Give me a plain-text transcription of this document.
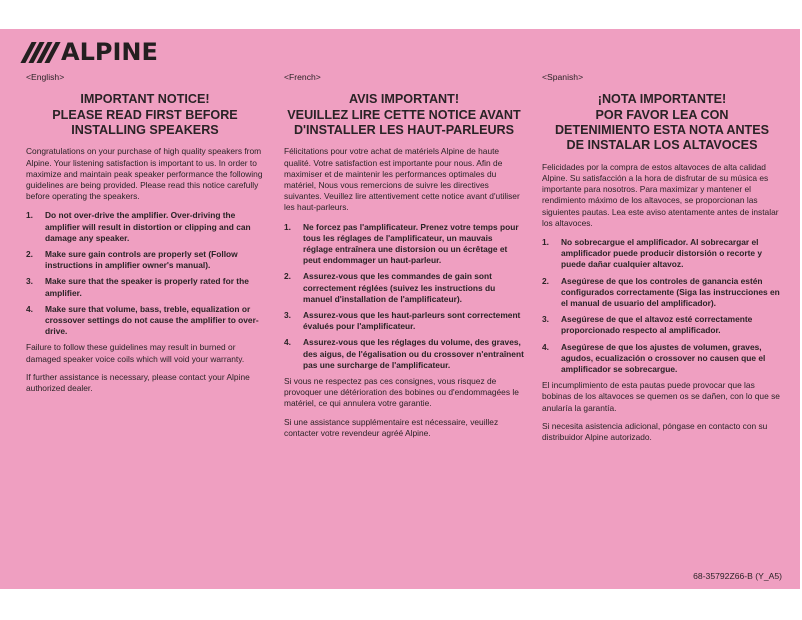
ALPINE
<English>
IMPORTANT NOTICE!
PLEASE READ FIRST BEFORE
INSTALLING SPEAKERS

Congratulations on your purchase of high quality speakers from Alpine. Your listening satisfaction is important to us. In order to maximize and maintain peak speaker performance the following guidelines are being provided. Please read this notice carefully before operating the speakers.

1.	Do not over-drive the amplifier. Over-driving the amplifier will result in distortion or clipping and can damage any speaker.
2.	Make sure gain controls are properly set (Follow instructions in amplifier owner's manual).
3.	Make sure that the speaker is properly rated for the amplifier.
4.	Make sure that volume, bass, treble, equalization or crossover settings do not cause the amplifier to over-drive.

Failure to follow these guidelines may result in burned or damaged speaker voice coils which will void your warranty.

If further assistance is necessary, please contact your Alpine authorized dealer.

<French>
AVIS IMPORTANT!
VEUILLEZ LIRE CETTE NOTICE AVANT
D'INSTALLER LES HAUT-PARLEURS

Félicitations pour votre achat de matériels Alpine de haute qualité. Votre satisfaction est importante pour nous. Afin de maximiser et de maintenir les performances optimales du matériel, Nous vous remercions de suivre les directives suivantes. Veuillez lire attentivement cette notice avant d'utiliser les haut-parleurs.

1.	Ne forcez pas l'amplificateur. Prenez votre temps pour tous les réglages de l'amplificateur, un mauvais réglage entraînera une distorsion ou un écrêtage et peut endommager un haut-parleur.
2.	Assurez-vous que les commandes de gain sont correctement réglées (suivez les instructions du manuel d'installation de l'amplificateur).
3.	Assurez-vous que les haut-parleurs sont correctement évalués pour l'amplificateur.
4.	Assurez-vous que les réglages du volume, des graves, des aigus, de l'égalisation ou du crossover n'entraînent pas une surcharge de l'amplificateur.

Si vous ne respectez pas ces consignes, vous risquez de provoquer une détérioration des bobines ou d'endommagées le matériel, ce qui annulera votre garantie.

Si une assistance supplémentaire est nécessaire, veuillez contacter votre revendeur agréé Alpine.

<Spanish>
¡NOTA IMPORTANTE!
POR FAVOR LEA CON
DETENIMIENTO ESTA NOTA ANTES
DE INSTALAR LOS ALTAVOCES

Felicidades por la compra de estos altavoces de alta calidad Alpine. Su satisfacción a la hora de disfrutar de su música es importante para nosotros. Para maximizar y mantener el rendimiento máximo de los altavoces, se proporcionan las siguientes pautas. Lea este aviso atentamente antes de instalar los altavoces.

1.	No sobrecargue el amplificador. Al sobrecargar el amplificador puede producir distorsión o recorte y puede dañar cualquier altavoz.
2.	Asegúrese de que los controles de ganancia estén configurados correctamente (Siga las instrucciones en el manual de usuario del amplificador).
3.	Asegúrese de que el altavoz esté correctamente proporcionado respecto al amplificador.
4.	Asegúrese de que los ajustes de volumen, graves, agudos, ecualización o crossover no causen que el amplificador se sobrecargue.

El incumplimiento de esta pautas puede provocar que las bobinas de los altavoces se quemen os se dañen, con lo que se anularía la garantía.

Si necesita asistencia adicional, póngase en contacto con su distribuidor Alpine autorizado.

68-35792Z66-B (Y_A5)
